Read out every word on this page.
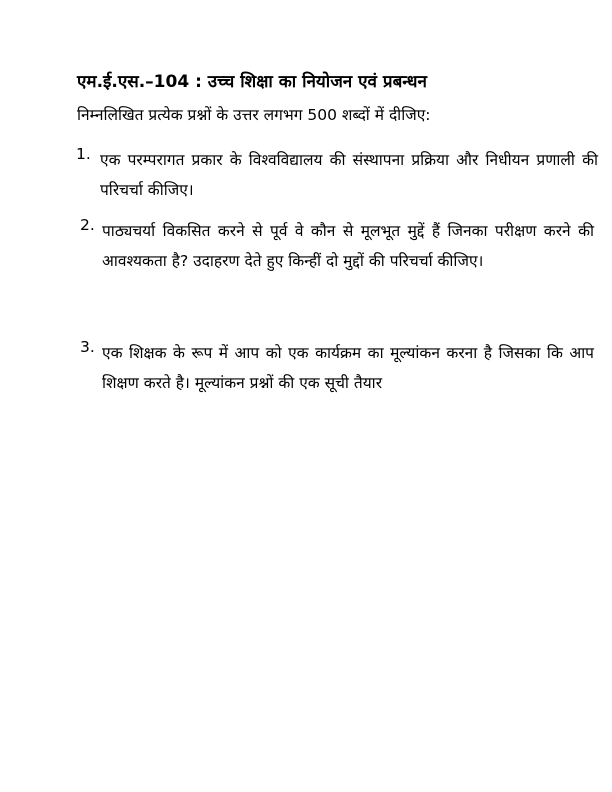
एम.ई.एस.–104 : उच्च शिक्षा का नियोजन एवं प्रबन्धन
निम्नलिखित प्रत्येक प्रश्नों के उत्तर लगभग 500 शब्दों में दीजिए:
1. एक परम्परागत प्रकार के विश्वविद्यालय की संस्थापना प्रक्रिया और निधीयन प्रणाली की परिचर्चा कीजिए।
2. पाठ्यचर्या विकसित करने से पूर्व वे कौन से मूलभूत मुद्दें हैं जिनका परीक्षण करने की आवश्यकता है? उदाहरण देते हुए किन्हीं दो मुद्दों की परिचर्चा कीजिए।
3. एक शिक्षक के रूप में आप को एक कार्यक्रम का मूल्यांकन करना है जिसका कि आप शिक्षण करते है। मूल्यांकन प्रश्नों की एक सूची तैयार
